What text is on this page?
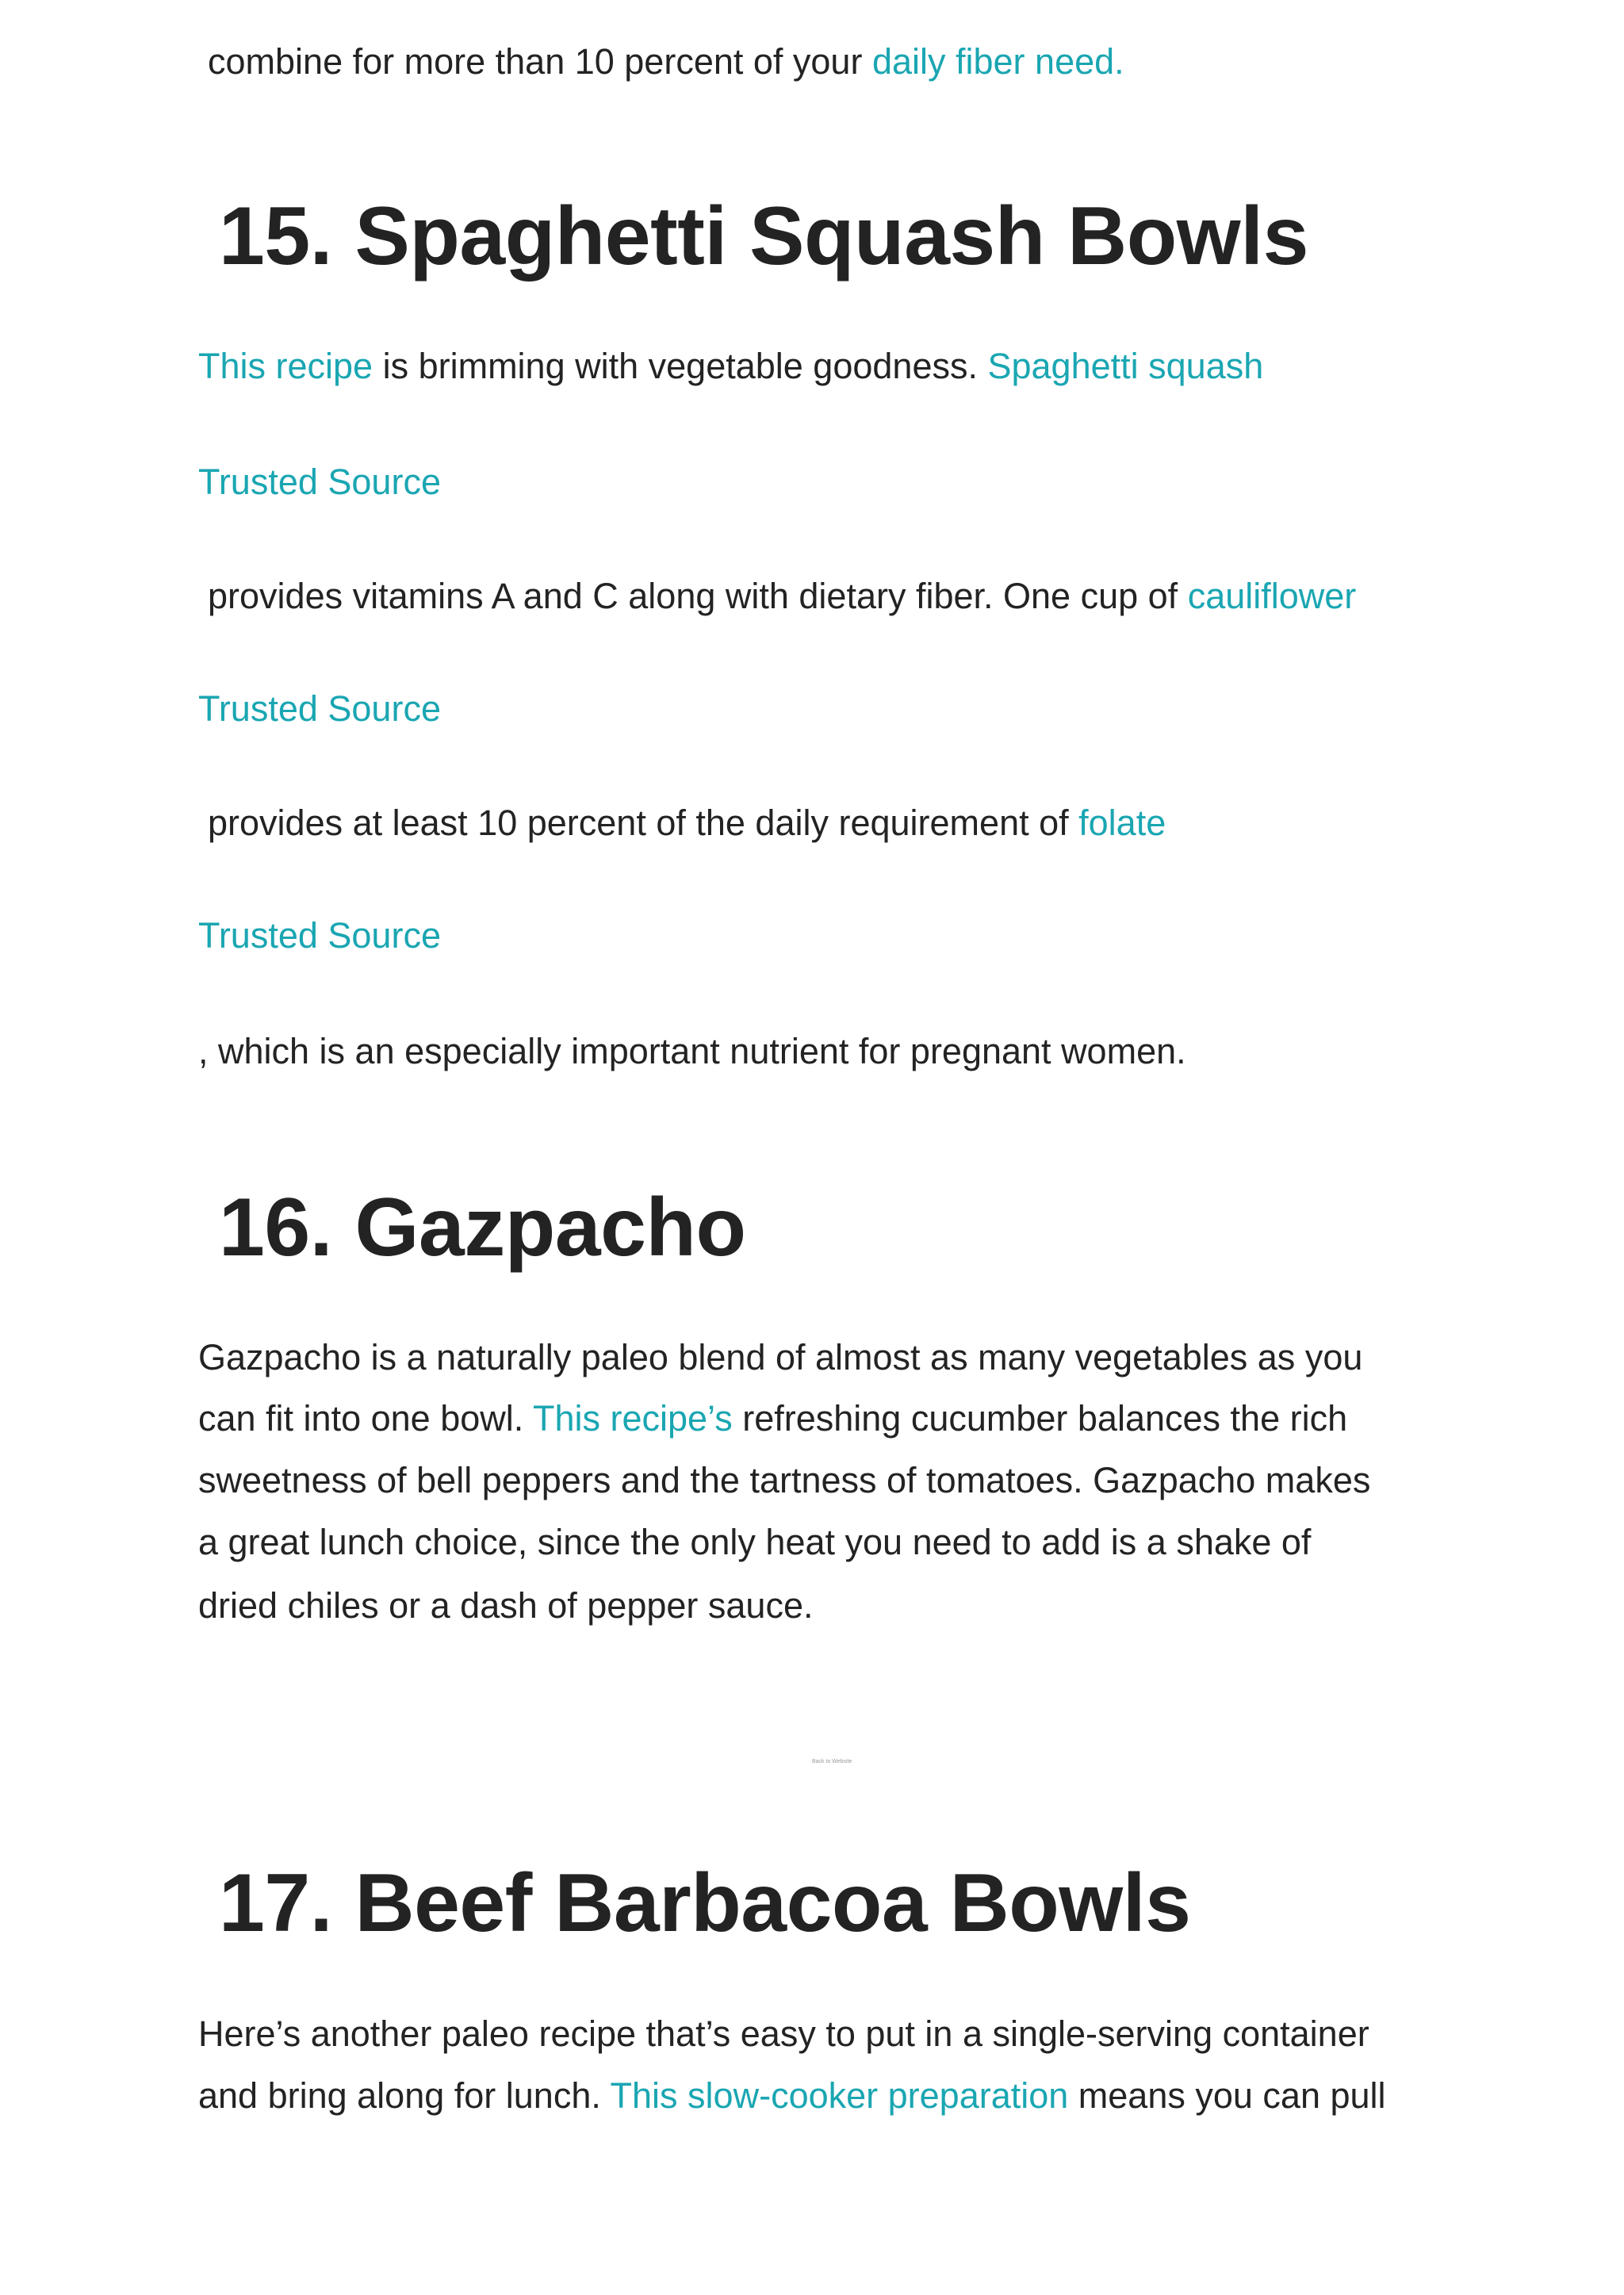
combine for more than 10 percent of your daily fiber need.
15. Spaghetti Squash Bowls
This recipe is brimming with vegetable goodness. Spaghetti squash
Trusted Source
provides vitamins A and C along with dietary fiber. One cup of cauliflower
Trusted Source
provides at least 10 percent of the daily requirement of folate
Trusted Source
, which is an especially important nutrient for pregnant women.
16. Gazpacho
Gazpacho is a naturally paleo blend of almost as many vegetables as you
can fit into one bowl. This recipe’s refreshing cucumber balances the rich
sweetness of bell peppers and the tartness of tomatoes. Gazpacho makes
a great lunch choice, since the only heat you need to add is a shake of
dried chiles or a dash of pepper sauce.
Back to Website
17. Beef Barbacoa Bowls
Here’s another paleo recipe that’s easy to put in a single-serving container
and bring along for lunch. This slow-cooker preparation means you can pull
